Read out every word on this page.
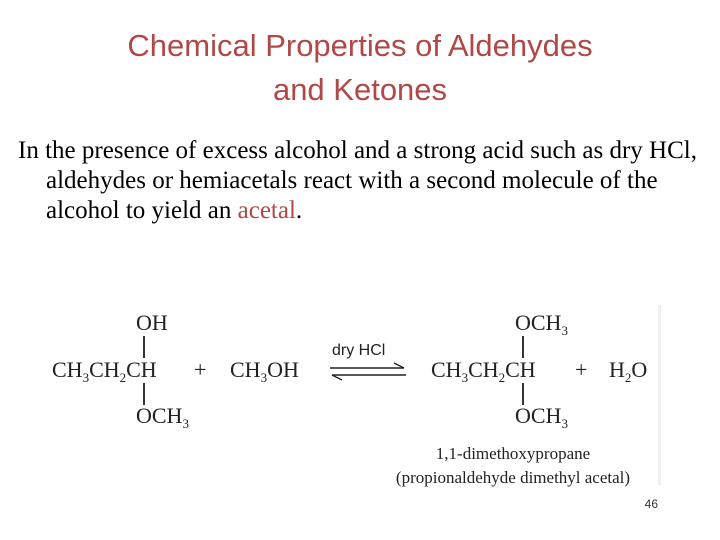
Chemical Properties of Aldehydes
and Ketones
In the presence of excess alcohol and a strong acid such as dry HCl, aldehydes or hemiacetals react with a second molecule of the alcohol to yield an acetal.
OH
$CH_3CH_2CH$
$OCH_3$
+ $CH_3OH$
dry HCl
$OCH_3$
$CH_3CH_2CH$
$OCH_3$
+ $H_2O$
1,1-dimethoxypropane
(propionaldehyde dimethyl acetal)
46
